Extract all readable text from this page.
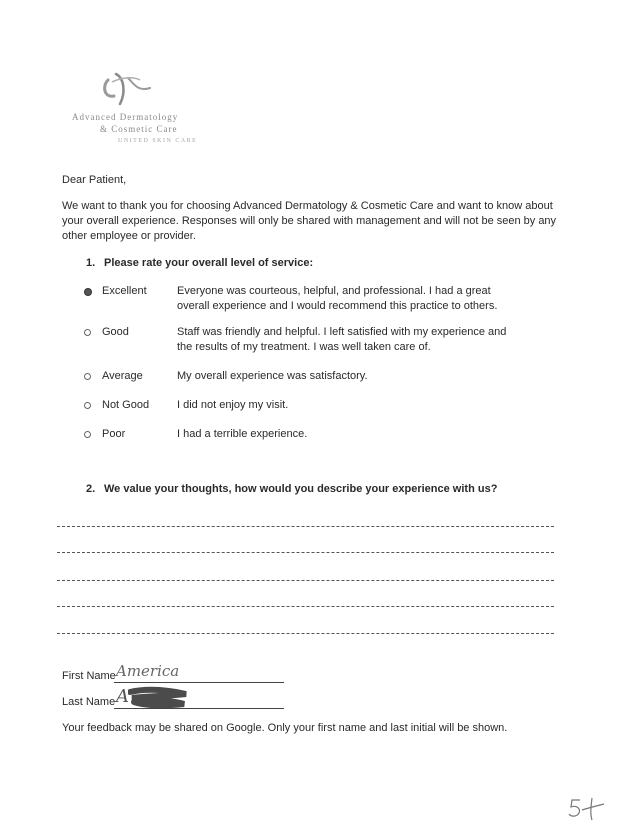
Advanced Dermatology
& Cosmetic Care
UNITED SKIN CARE
Dear Patient,
We want to thank you for choosing Advanced Dermatology & Cosmetic Care and want to know about
your overall experience. Responses will only be shared with management and will not be seen by any
other employee or provider.
1. Please rate your overall level of service:
Excellent	Everyone was courteous, helpful, and professional. I had a great
overall experience and I would recommend this practice to others.
Good	Staff was friendly and helpful. I left satisfied with my experience and
the results of my treatment. I was well taken care of.
Average	My overall experience was satisfactory.
Not Good	I did not enjoy my visit.
Poor	I had a terrible experience.
2. We value your thoughts, how would you describe your experience with us?
First Name America
Last Name A
Your feedback may be shared on Google. Only your first name and last initial will be shown.
